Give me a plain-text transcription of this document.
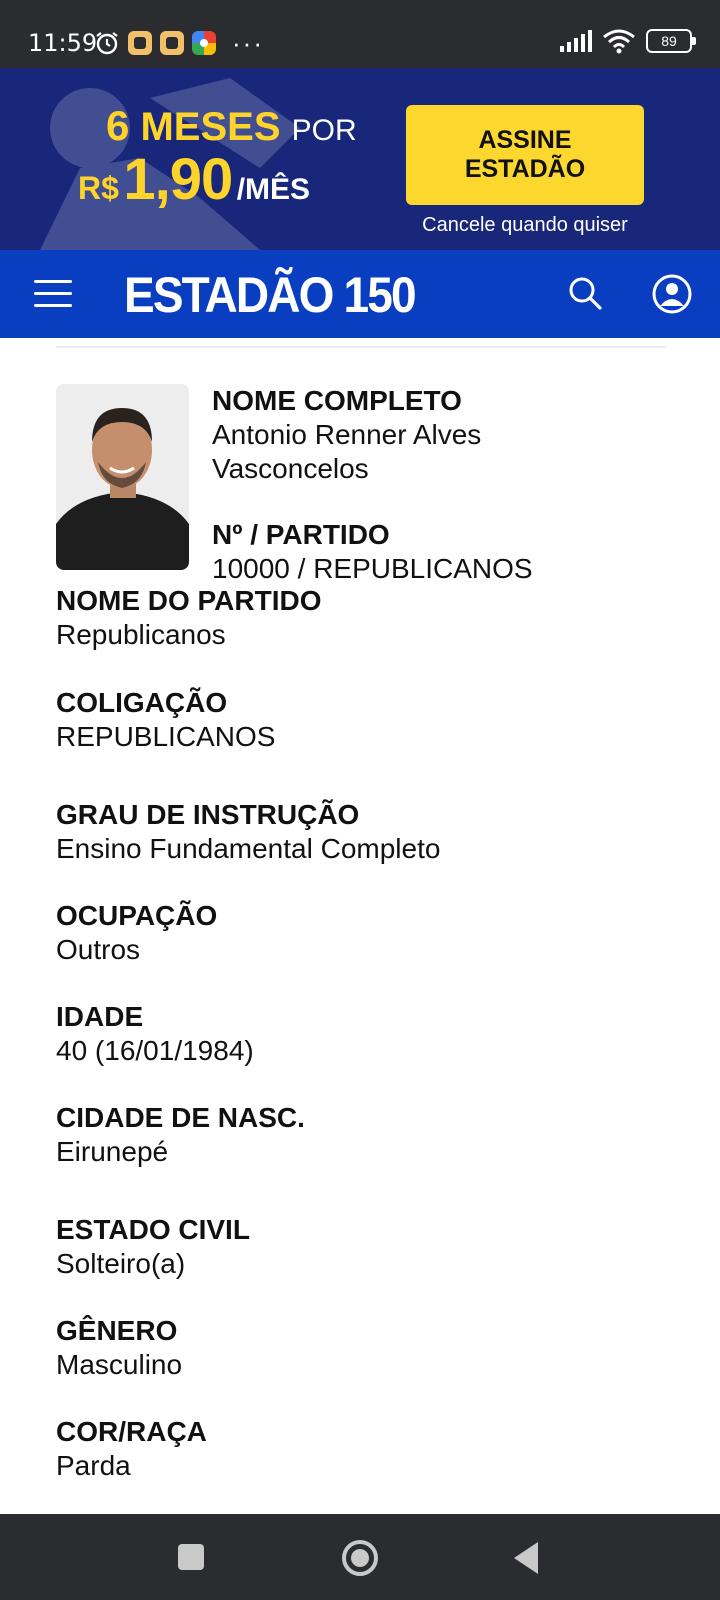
11:59	···	89
6 MESES POR
R$ 1,90 /MÊS
ASSINE ESTADÃO
Cancele quando quiser
ESTADÃO 150
NOME COMPLETO
Antonio Renner Alves Vasconcelos
Nº / PARTIDO
10000 / REPUBLICANOS
NOME DO PARTIDO
Republicanos
COLIGAÇÃO
REPUBLICANOS
GRAU DE INSTRUÇÃO
Ensino Fundamental Completo
OCUPAÇÃO
Outros
IDADE
40 (16/01/1984)
CIDADE DE NASC.
Eirunepé
ESTADO CIVIL
Solteiro(a)
GÊNERO
Masculino
COR/RAÇA
Parda
